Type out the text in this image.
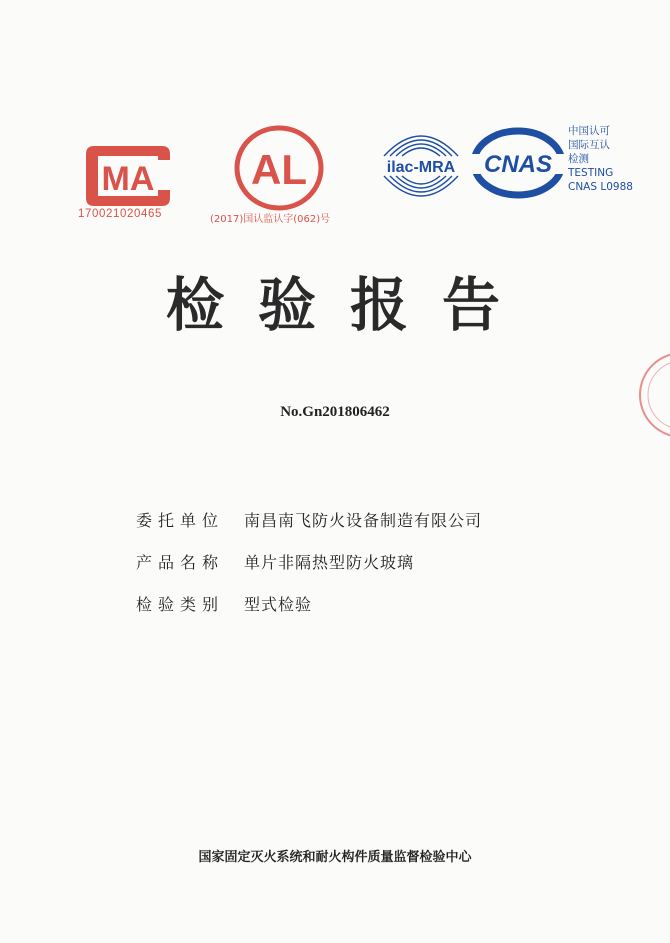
MA
170021020465
AL
(2017)国认监认字(062)号
ilac-MRA CNAS
中国认可
国际互认
检测
TESTING
CNAS L0988
检验报告
No.Gn201806462
委托单位	南昌南飞防火设备制造有限公司
产品名称	单片非隔热型防火玻璃
检验类别	型式检验
国家固定灭火系统和耐火构件质量监督检验中心
